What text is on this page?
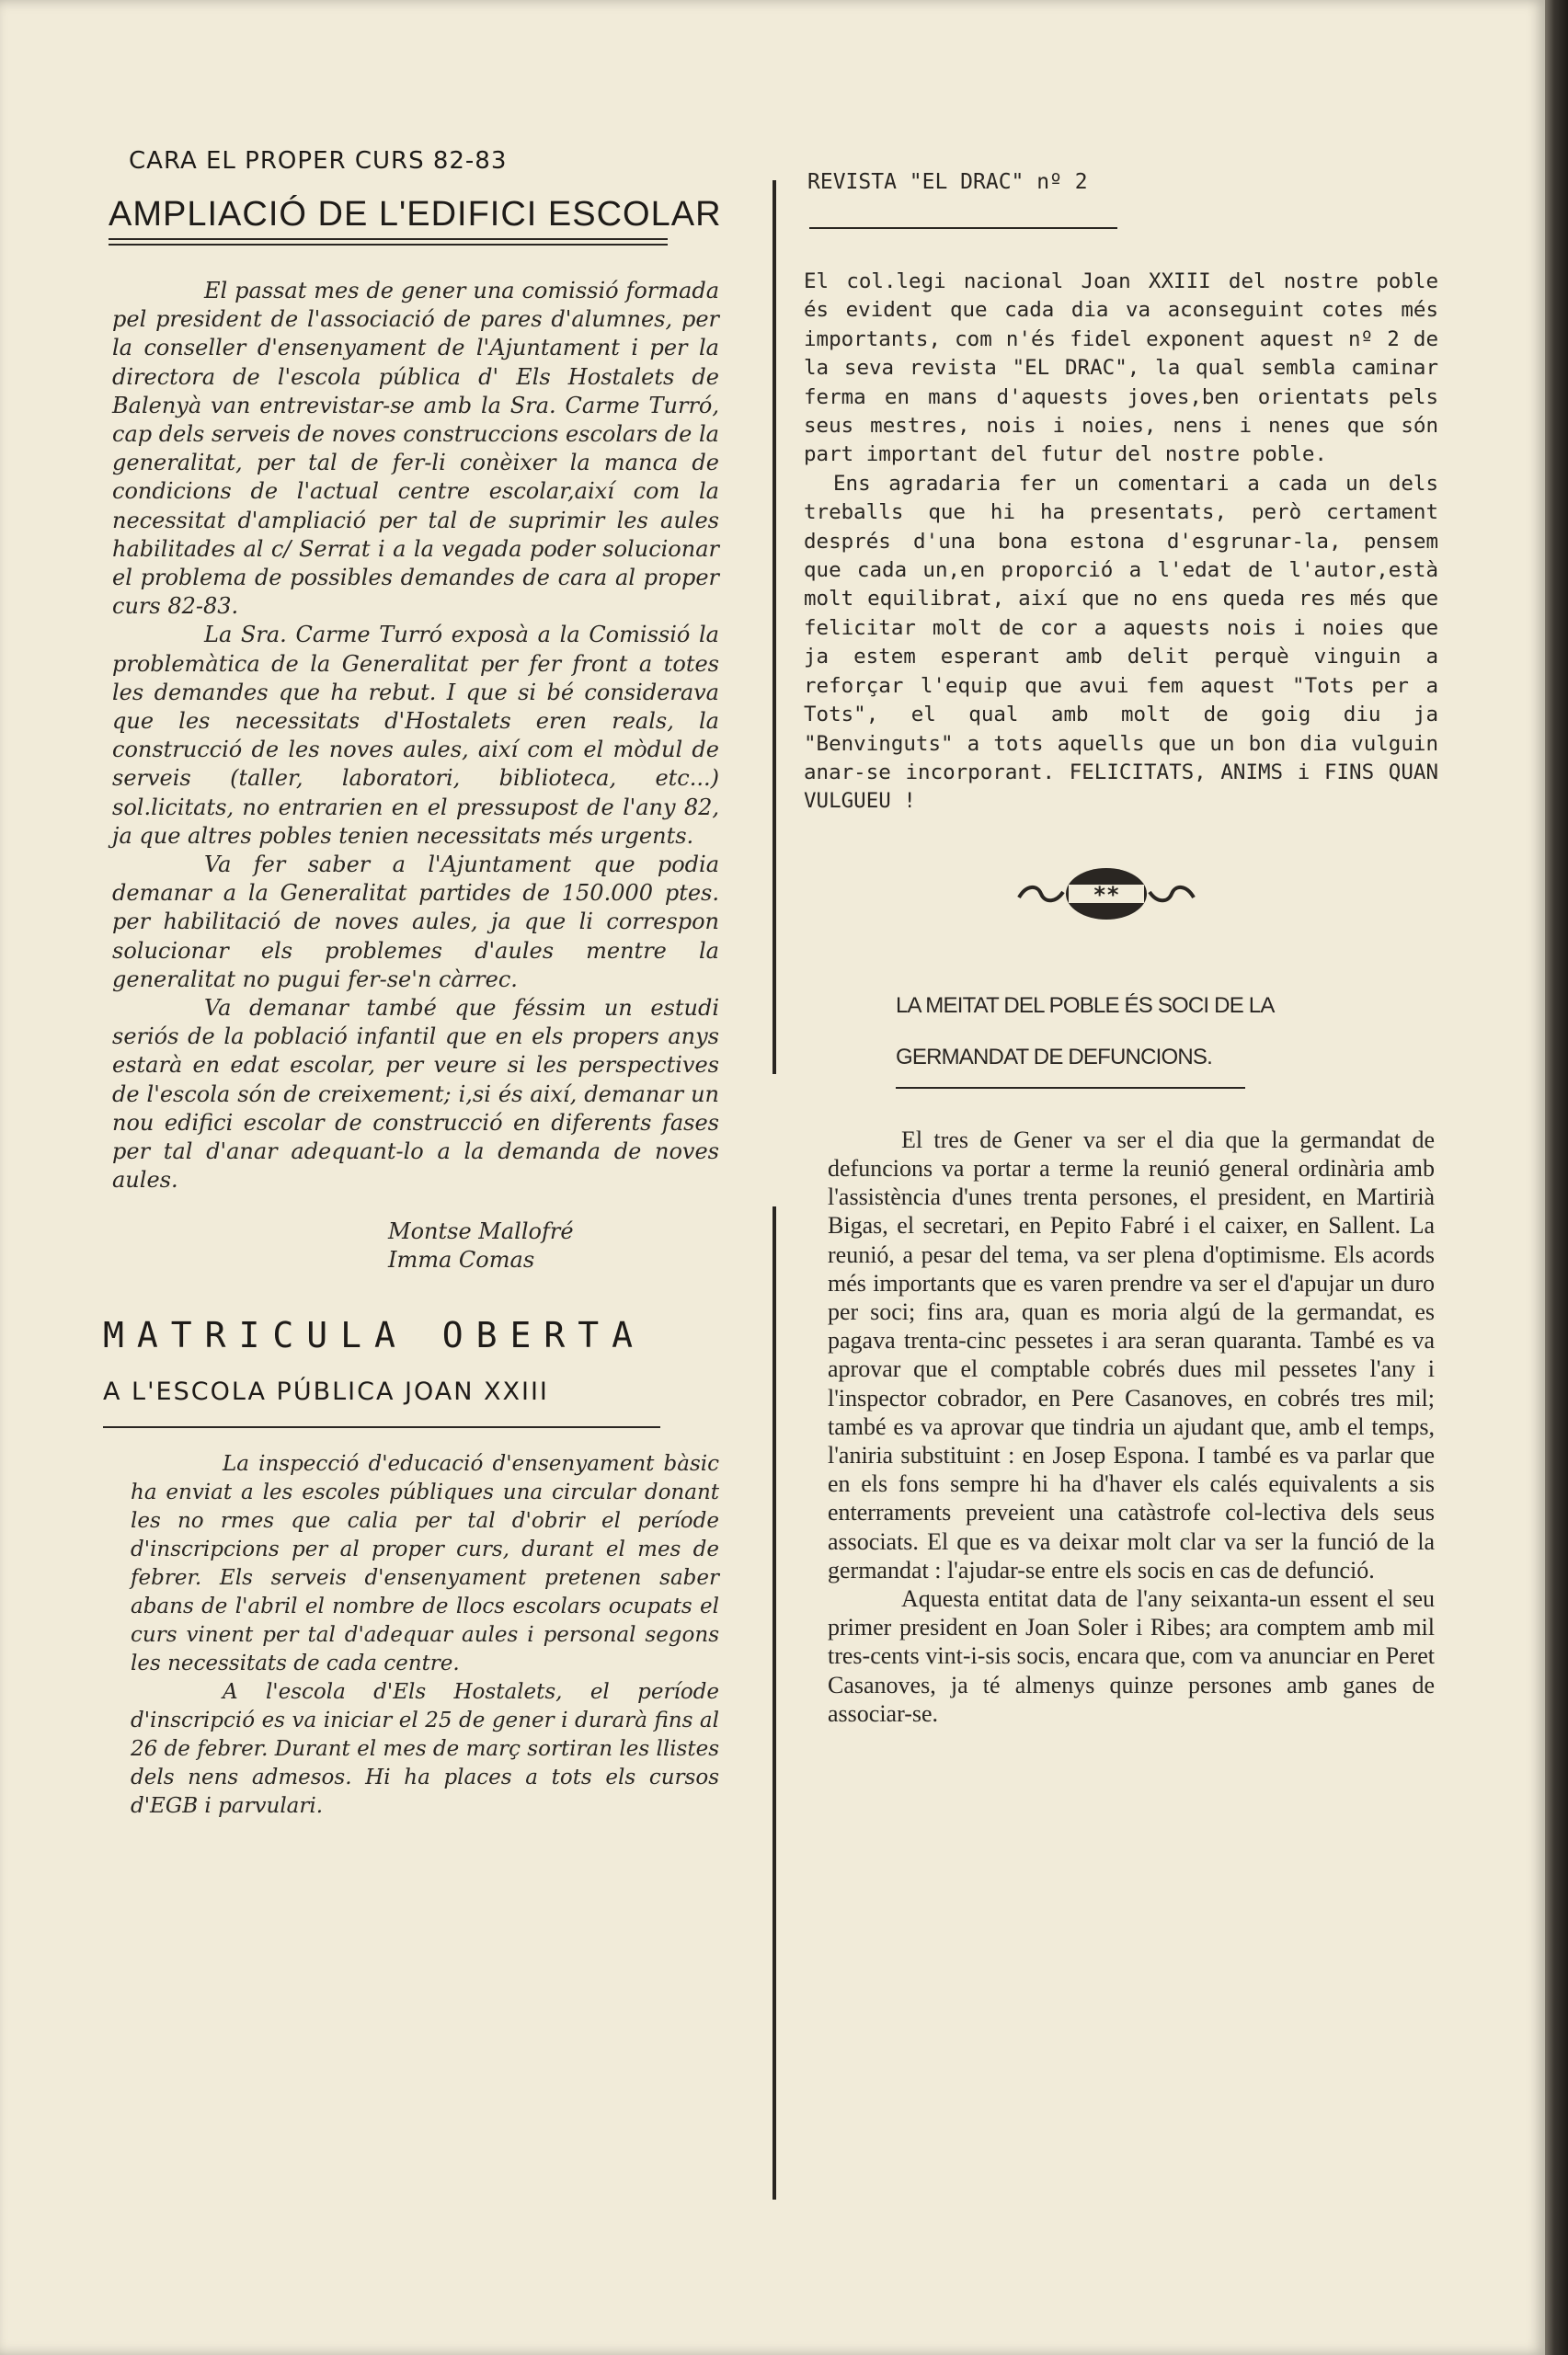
CARA EL PROPER CURS 82-83
AMPLIACIÓ DE L'EDIFICI ESCOLAR

El passat mes de gener una comissió formada pel president de l'associació de pares d'alumnes, per la conseller d'ensenyament de l'Ajuntament i per la directora de l'escola pública d' Els Hostalets de Balenyà van entrevistar-se amb la Sra. Carme Turró, cap dels serveis de noves construccions escolars de la generalitat, per tal de fer-li conèixer la manca de condicions de l'actual centre escolar,així com la necessitat d'ampliació per tal de suprimir les aules habilitades al c/ Serrat i a la vegada poder solucionar el problema de possibles demandes de cara al proper curs 82-83.

La Sra. Carme Turró exposà a la Comissió la problemàtica de la Generalitat per fer front a totes les demandes que ha rebut. I que si bé considerava que les necessitats d'Hostalets eren reals, la construcció de les noves aules, així com el mòdul de serveis (taller, laboratori, biblioteca, etc...) sol.licitats, no entrarien en el pressupost de l'any 82, ja que altres pobles tenien necessitats més urgents.

Va fer saber a l'Ajuntament que podia demanar a la Generalitat partides de 150.000 ptes. per habilitació de noves aules, ja que li correspon solucionar els problemes d'aules mentre la generalitat no pugui fer-se'n càrrec.

Va demanar també que féssim un estudi seriós de la població infantil que en els propers anys estarà en edat escolar, per veure si les perspectives de l'escola són de creixement; i,si és així, demanar un nou edifici escolar de construcció en diferents fases per tal d'anar adequant-lo a la demanda de noves aules.

Montse Mallofré
Imma Comas
MATRICULA OBERTA
A L'ESCOLA PÚBLICA JOAN XXIII

La inspecció d'educació d'ensenyament bàsic ha enviat a les escoles públiques una circular donant les no rmes que calia per tal d'obrir el període d'inscripcions per al proper curs, durant el mes de febrer. Els serveis d'ensenyament pretenen saber abans de l'abril el nombre de llocs escolars ocupats el curs vinent per tal d'adequar aules i personal segons les necessitats de cada centre.

A l'escola d'Els Hostalets, el període d'inscripció es va iniciar el 25 de gener i durarà fins al 26 de febrer. Durant el mes de març sortiran les llistes dels nens admesos. Hi ha places a tots els cursos d'EGB i parvulari.

REVISTA "EL DRAC" nº 2

El col.legi nacional Joan XXIII del nostre poble és evident que cada dia va aconseguint cotes més importants, com n'és fidel exponent aquest nº 2 de la seva revista "EL DRAC", la qual sembla caminar ferma en mans d'aquests joves,ben orientats pels seus mestres, nois i noies, nens i nenes que són part important del futur del nostre poble.

Ens agradaria fer un comentari a cada un dels treballs que hi ha presentats, però certament després d'una bona estona d'esgrunar-la, pensem que cada un,en proporció a l'edat de l'autor,està molt equilibrat, així que no ens queda res més que felicitar molt de cor a aquests nois i noies que ja estem esperant amb delit perquè vinguin a reforçar l'equip que avui fem aquest "Tots per a Tots", el qual amb molt de goig diu ja "Benvinguts" a tots aquells que un bon dia vulguin anar-se incorporant. FELICITATS, ANIMS i FINS QUAN VULGUEU !

**
LA MEITAT DEL POBLE ÉS SOCI DE LA
GERMANDAT DE DEFUNCIONS.

El tres de Gener va ser el dia que la germandat de defuncions va portar a terme la reunió general ordinària amb l'assistència d'unes trenta persones, el president, en Martirià Bigas, el secretari, en Pepito Fabré i el caixer, en Sallent. La reunió, a pesar del tema, va ser plena d'optimisme. Els acords més importants que es varen prendre va ser el d'apujar un duro per soci; fins ara, quan es moria algú de la germandat, es pagava trenta-cinc pessetes i ara seran quaranta. També es va aprovar que el comptable cobrés dues mil pessetes l'any i l'inspector cobrador, en Pere Casanoves, en cobrés tres mil; també es va aprovar que tindria un ajudant que, amb el temps, l'aniria substituint : en Josep Espona. I també es va parlar que en els fons sempre hi ha d'haver els calés equivalents a sis enterraments preveient una catàstrofe col-lectiva dels seus associats. El que es va deixar molt clar va ser la funció de la germandat : l'ajudar-se entre els socis en cas de defunció.

Aquesta entitat data de l'any seixanta-un essent el seu primer president en Joan Soler i Ribes; ara comptem amb mil tres-cents vint-i-sis socis, encara que, com va anunciar en Peret Casanoves, ja té almenys quinze persones amb ganes de associar-se.
